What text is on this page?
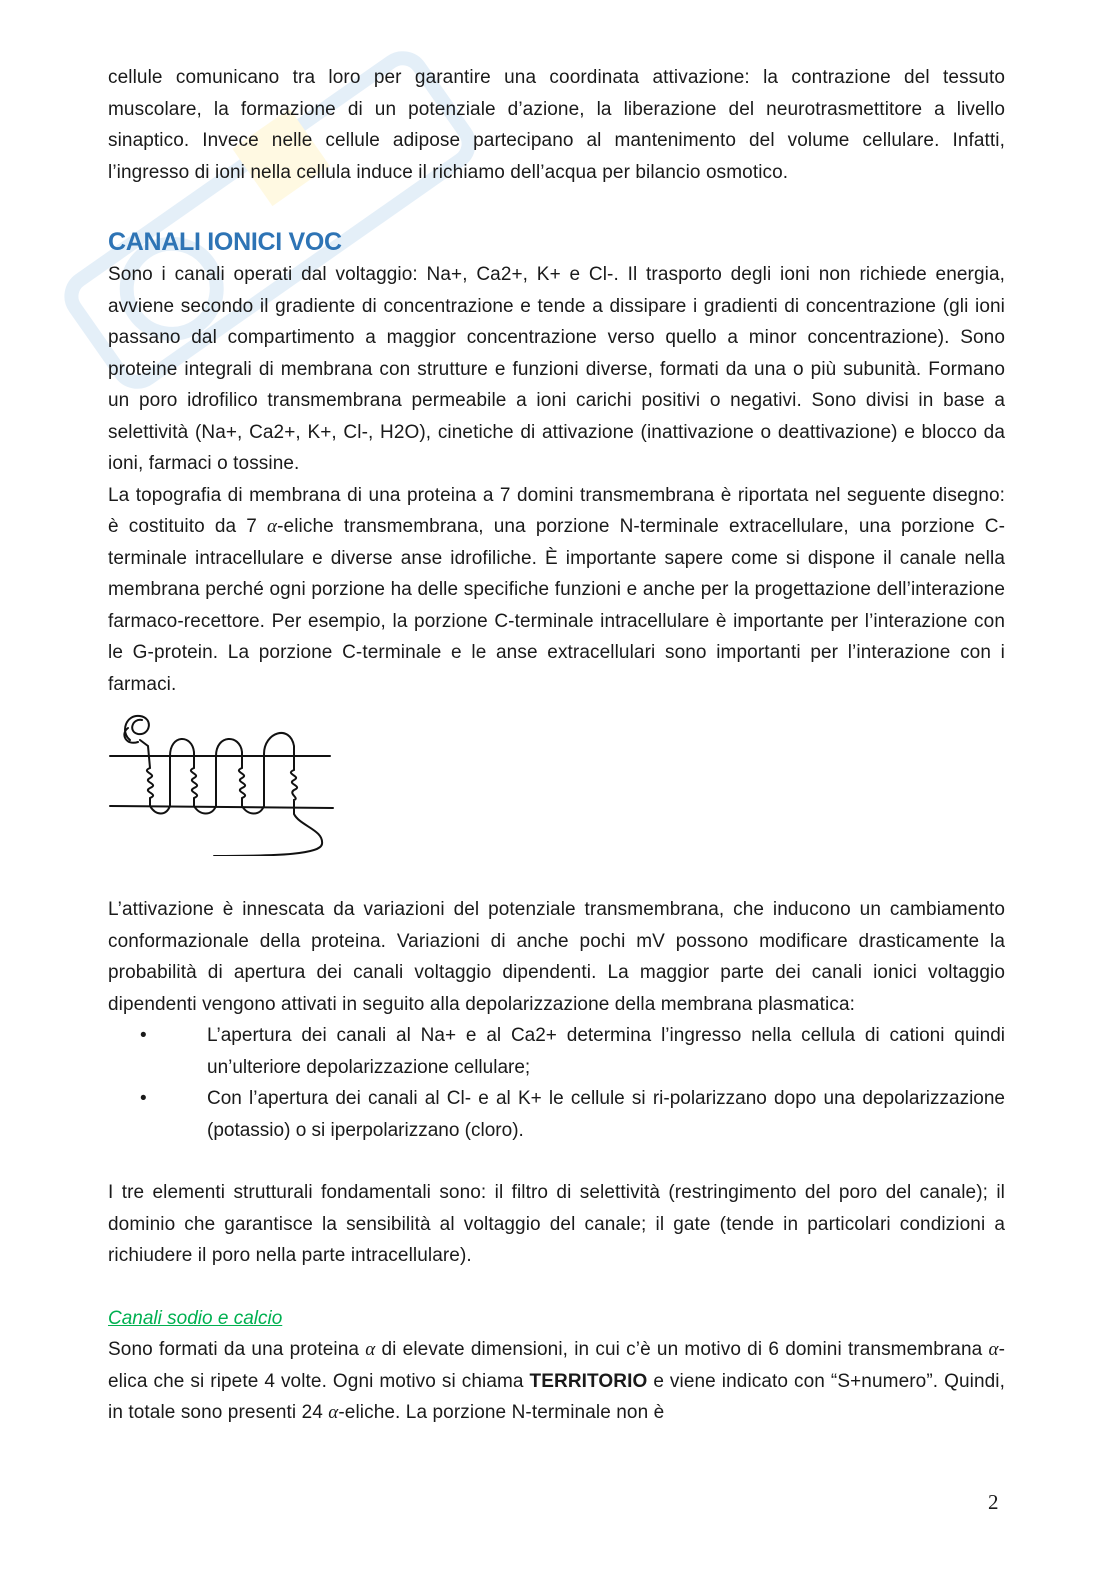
cellule comunicano tra loro per garantire una coordinata attivazione: la contrazione del tessuto muscolare, la formazione di un potenziale d’azione, la liberazione del neurotrasmettitore a livello sinaptico. Invece nelle cellule adipose partecipano al mantenimento del volume cellulare. Infatti, l’ingresso di ioni nella cellula induce il richiamo dell’acqua per bilancio osmotico.

CANALI IONICI VOC

Sono i canali operati dal voltaggio: Na+, Ca2+, K+ e Cl-. Il trasporto degli ioni non richiede energia, avviene secondo il gradiente di concentrazione e tende a dissipare i gradienti di concentrazione (gli ioni passano dal compartimento a maggior concentrazione verso quello a minor concentrazione). Sono proteine integrali di membrana con strutture e funzioni diverse, formati da una o più subunità. Formano un poro idrofilico transmembrana permeabile a ioni carichi positivi o negativi. Sono divisi in base a selettività (Na+, Ca2+, K+, Cl-, H2O), cinetiche di attivazione (inattivazione o deattivazione) e blocco da ioni, farmaci o tossine.

La topografia di membrana di una proteina a 7 domini transmembrana è riportata nel seguente disegno: è costituito da 7 α-eliche transmembrana, una porzione N-terminale extracellulare, una porzione C-terminale intracellulare e diverse anse idrofiliche. È importante sapere come si dispone il canale nella membrana perché ogni porzione ha delle specifiche funzioni e anche per la progettazione dell’interazione farmaco-recettore. Per esempio, la porzione C-terminale intracellulare è importante per l’interazione con le G-protein. La porzione C-terminale e le anse extracellulari sono importanti per l’interazione con i farmaci.

L’attivazione è innescata da variazioni del potenziale transmembrana, che inducono un cambiamento conformazionale della proteina. Variazioni di anche pochi mV possono modificare drasticamente la probabilità di apertura dei canali voltaggio dipendenti. La maggior parte dei canali ionici voltaggio dipendenti vengono attivati in seguito alla depolarizzazione della membrana plasmatica:

•	L’apertura dei canali al Na+ e al Ca2+ determina l’ingresso nella cellula di cationi quindi un’ulteriore depolarizzazione cellulare;
•	Con l’apertura dei canali al Cl- e al K+ le cellule si ri-polarizzano dopo una depolarizzazione (potassio) o si iperpolarizzano (cloro).

I tre elementi strutturali fondamentali sono: il filtro di selettività (restringimento del poro del canale); il dominio che garantisce la sensibilità al voltaggio del canale; il gate (tende in particolari condizioni a richiudere il poro nella parte intracellulare).

Canali sodio e calcio

Sono formati da una proteina α di elevate dimensioni, in cui c’è un motivo di 6 domini transmembrana α-elica che si ripete 4 volte. Ogni motivo si chiama TERRITORIO e viene indicato con “S+numero”. Quindi, in totale sono presenti 24 α-eliche. La porzione N-terminale non è

2
